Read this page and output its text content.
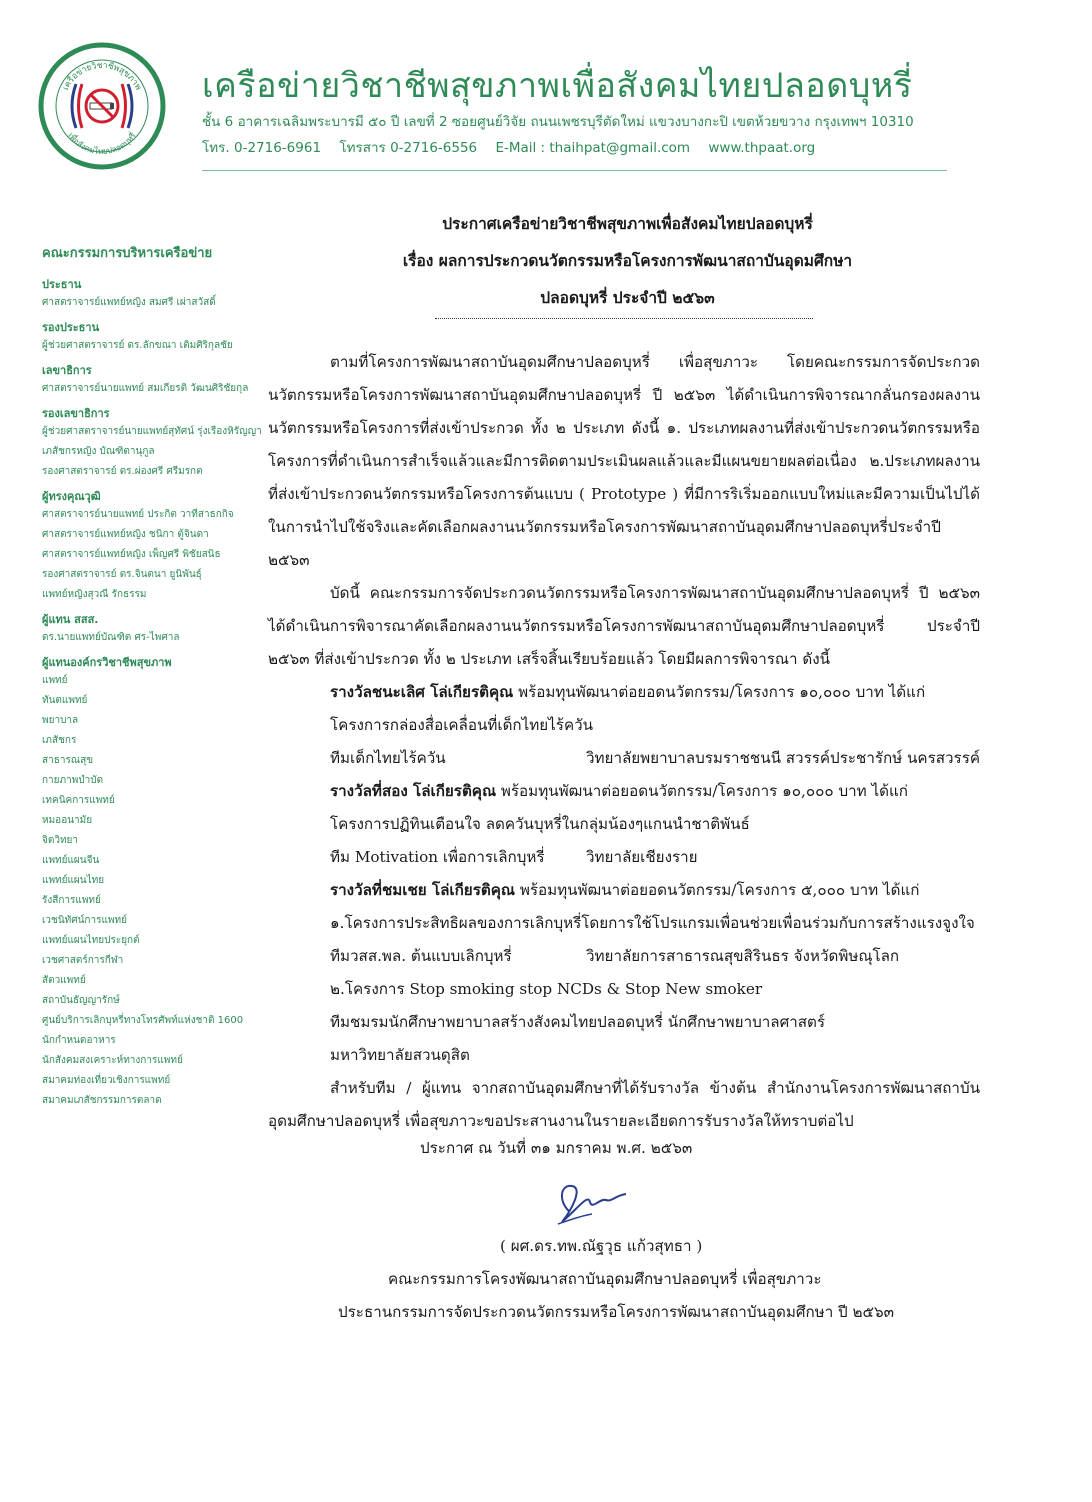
เครือข่ายวิชาชีพสุขภาพ
เพื่อสังคมไทยปลอดบุหรี่
เครือข่ายวิชาชีพสุขภาพเพื่อสังคมไทยปลอดบุหรี่
ชั้น 6 อาคารเฉลิมพระบารมี ๕๐ ปี เลขที่ 2 ซอยศูนย์วิจัย ถนนเพชรบุรีตัดใหม่ แขวงบางกะปิ เขตห้วยขวาง กรุงเทพฯ 10310
โทร. 0-2716-6961 โทรสาร 0-2716-6556 E-Mail : thaihpat@gmail.com www.thpaat.org
คณะกรรมการบริหารเครือข่าย
ประธาน
ศาสตราจารย์แพทย์หญิง สมศรี เผ่าสวัสดิ์
รองประธาน
ผู้ช่วยศาสตราจารย์ ดร.ลักขณา เติมศิริกุลชัย
เลขาธิการ
ศาสตราจารย์นายแพทย์ สมเกียรติ วัฒนศิริชัยกุล
รองเลขาธิการ
ผู้ช่วยศาสตราจารย์นายแพทย์สุทัศน์ รุ่งเรืองหิรัญญา
เภสัชกรหญิง บัณฑิตานุกูล
รองศาสตราจารย์ ดร.ผ่องศรี ศรีมรกต
ผู้ทรงคุณวุฒิ
ศาสตราจารย์นายแพทย์ ประกิต วาทีสาธกกิจ
ศาสตราจารย์แพทย์หญิง ชนิกา ตู้จินดา
ศาสตราจารย์แพทย์หญิง เพ็ญศรี พิชัยสนิธ
รองศาสตราจารย์ ดร.จินตนา ยูนิพันธุ์
แพทย์หญิงสุวณี รักธรรม
ผู้แทน สสส.
ดร.นายแพทย์บัณฑิต ศร-ไพศาล
ผู้แทนองค์กรวิชาชีพสุขภาพ
แพทย์
ทันตแพทย์
พยาบาล
เภสัชกร
สาธารณสุข
กายภาพบำบัด
เทคนิคการแพทย์
หมออนามัย
จิตวิทยา
แพทย์แผนจีน
แพทย์แผนไทย
รังสีการแพทย์
เวชนิทัศน์การแพทย์
แพทย์แผนไทยประยุกต์
เวชศาสตร์การกีฬา
สัตวแพทย์
สถาบันธัญญารักษ์
ศูนย์บริการเลิกบุหรี่ทางโทรศัพท์แห่งชาติ 1600
นักกำหนดอาหาร
นักสังคมสงเคราะห์ทางการแพทย์
สมาคมท่องเที่ยวเชิงการแพทย์
สมาคมเภสัชกรรมการตลาด
ประกาศเครือข่ายวิชาชีพสุขภาพเพื่อสังคมไทยปลอดบุหรี่
เรื่อง ผลการประกวดนวัตกรรมหรือโครงการพัฒนาสถาบันอุดมศึกษา
ปลอดบุหรี่ ประจำปี ๒๕๖๓

ตามที่โครงการพัฒนาสถาบันอุดมศึกษาปลอดบุหรี่ เพื่อสุขภาวะ โดยคณะกรรมการจัดประกวดนวัตกรรมหรือโครงการพัฒนาสถาบันอุดมศึกษาปลอดบุหรี่ ปี ๒๕๖๓ ได้ดำเนินการพิจารณากลั่นกรองผลงานนวัตกรรมหรือโครงการที่ส่งเข้าประกวด ทั้ง ๒ ประเภท ดังนี้ ๑. ประเภทผลงานที่ส่งเข้าประกวดนวัตกรรมหรือโครงการที่ดำเนินการสำเร็จแล้วและมีการติดตามประเมินผลแล้วและมีแผนขยายผลต่อเนื่อง ๒.ประเภทผลงานที่ส่งเข้าประกวดนวัตกรรมหรือโครงการต้นแบบ ( Prototype ) ที่มีการริเริ่มออกแบบใหม่และมีความเป็นไปได้ในการนำไปใช้จริงและคัดเลือกผลงานนวัตกรรมหรือโครงการพัฒนาสถาบันอุดมศึกษาปลอดบุหรี่ประจำปี ๒๕๖๓

บัดนี้ คณะกรรมการจัดประกวดนวัตกรรมหรือโครงการพัฒนาสถาบันอุดมศึกษาปลอดบุหรี่ ปี ๒๕๖๓ ได้ดำเนินการพิจารณาคัดเลือกผลงานนวัตกรรมหรือโครงการพัฒนาสถาบันอุดมศึกษาปลอดบุหรี่ ประจำปี ๒๕๖๓ ที่ส่งเข้าประกวด ทั้ง ๒ ประเภท เสร็จสิ้นเรียบร้อยแล้ว โดยมีผลการพิจารณา ดังนี้

รางวัลชนะเลิศ โล่เกียรติคุณ พร้อมทุนพัฒนาต่อยอดนวัตกรรม/โครงการ ๑๐,๐๐๐ บาท ได้แก่
โครงการกล่องสื่อเคลื่อนที่เด็กไทยไร้ควัน
ทีมเด็กไทยไร้ควัน	วิทยาลัยพยาบาลบรมราชชนนี สวรรค์ประชารักษ์ นครสวรรค์
รางวัลที่สอง โล่เกียรติคุณ พร้อมทุนพัฒนาต่อยอดนวัตกรรม/โครงการ ๑๐,๐๐๐ บาท ได้แก่
โครงการปฏิทินเตือนใจ ลดควันบุหรี่ในกลุ่มน้องๆแกนนำชาติพันธ์
ทีม Motivation เพื่อการเลิกบุหรี่	วิทยาลัยเชียงราย
รางวัลที่ชมเชย โล่เกียรติคุณ พร้อมทุนพัฒนาต่อยอดนวัตกรรม/โครงการ ๕,๐๐๐ บาท ได้แก่
๑.โครงการประสิทธิผลของการเลิกบุหรี่โดยการใช้โปรแกรมเพื่อนช่วยเพื่อนร่วมกับการสร้างแรงจูงใจ
ทีมวสส.พล. ต้นแบบเลิกบุหรี่	วิทยาลัยการสาธารณสุขสิรินธร จังหวัดพิษณุโลก
๒.โครงการ Stop smoking stop NCDs & Stop New smoker
ทีมชมรมนักศึกษาพยาบาลสร้างสังคมไทยปลอดบุหรี่ นักศึกษาพยาบาลศาสตร์
มหาวิทยาลัยสวนดุสิต

สำหรับทีม / ผู้แทน จากสถาบันอุดมศึกษาที่ได้รับรางวัล ข้างต้น สำนักงานโครงการพัฒนาสถาบันอุดมศึกษาปลอดบุหรี่ เพื่อสุขภาวะขอประสานงานในรายละเอียดการรับรางวัลให้ทราบต่อไป

ประกาศ ณ วันที่ ๓๑ มกราคม พ.ศ. ๒๕๖๓
( ผศ.ดร.ทพ.ณัฐวุธ แก้วสุทธา )
คณะกรรมการโครงพัฒนาสถาบันอุดมศึกษาปลอดบุหรี่ เพื่อสุขภาวะ
ประธานกรรมการจัดประกวดนวัตกรรมหรือโครงการพัฒนาสถาบันอุดมศึกษา ปี ๒๕๖๓
